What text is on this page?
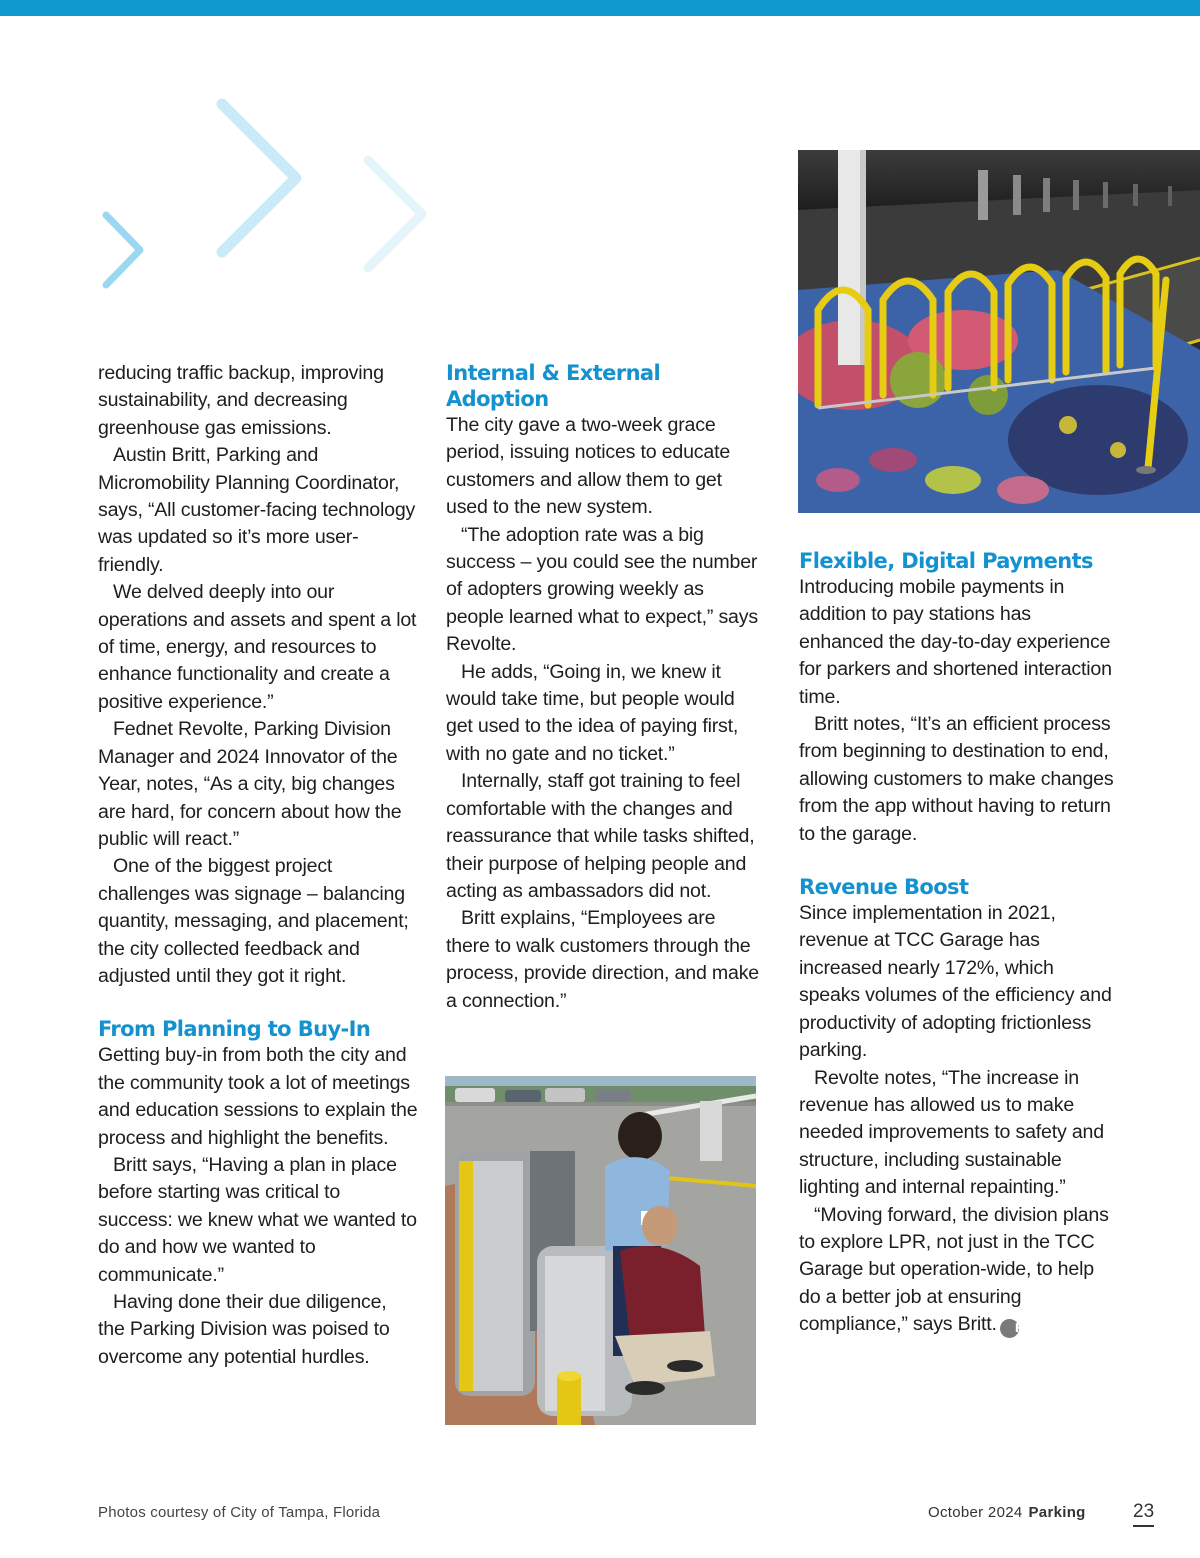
reducing traffic backup, improving sustainability, and decreasing greenhouse gas emissions.

Austin Britt, Parking and Micromobility Planning Coordinator, says, “All customer-facing technology was updated so it’s more user-friendly.

We delved deeply into our operations and assets and spent a lot of time, energy, and resources to enhance functionality and create a positive experience.”

Fednet Revolte, Parking Division Manager and 2024 Innovator of the Year, notes, “As a city, big changes are hard, for concern about how the public will react.”

One of the biggest project challenges was signage – balancing quantity, messaging, and placement; the city collected feedback and adjusted until they got it right.

From Planning to Buy-In

Getting buy-in from both the city and the community took a lot of meetings and education sessions to explain the process and highlight the benefits.

Britt says, “Having a plan in place before starting was critical to success: we knew what we wanted to do and how we wanted to communicate.”

Having done their due diligence, the Parking Division was poised to overcome any potential hurdles.

Internal & External Adoption

The city gave a two-week grace period, issuing notices to educate customers and allow them to get used to the new system.

“The adoption rate was a big success – you could see the number of adopters growing weekly as people learned what to expect,” says Revolte.

He adds, “Going in, we knew it would take time, but people would get used to the idea of paying first, with no gate and no ticket.”

Internally, staff got training to feel comfortable with the changes and reassurance that while tasks shifted, their purpose of helping people and acting as ambassadors did not.

Britt explains, “Employees are there to walk customers through the process, provide direction, and make a connection.”

Flexible, Digital Payments

Introducing mobile payments in addition to pay stations has enhanced the day-to-day experience for parkers and shortened interaction time.

Britt notes, “It’s an efficient process from beginning to destination to end, allowing customers to make changes from the app without having to return to the garage.

Revenue Boost

Since implementation in 2021, revenue at TCC Garage has increased nearly 172%, which speaks volumes of the efficiency and productivity of adopting frictionless parking.

Revolte notes, “The increase in revenue has allowed us to make needed improvements to safety and structure, including sustainable lighting and internal repainting.”

“Moving forward, the division plans to explore LPR, not just in the TCC Garage but operation-wide, to help do a better job at ensuring compliance,” says Britt. P

Photos courtesy of City of Tampa, Florida	October 2024 Parking 23
